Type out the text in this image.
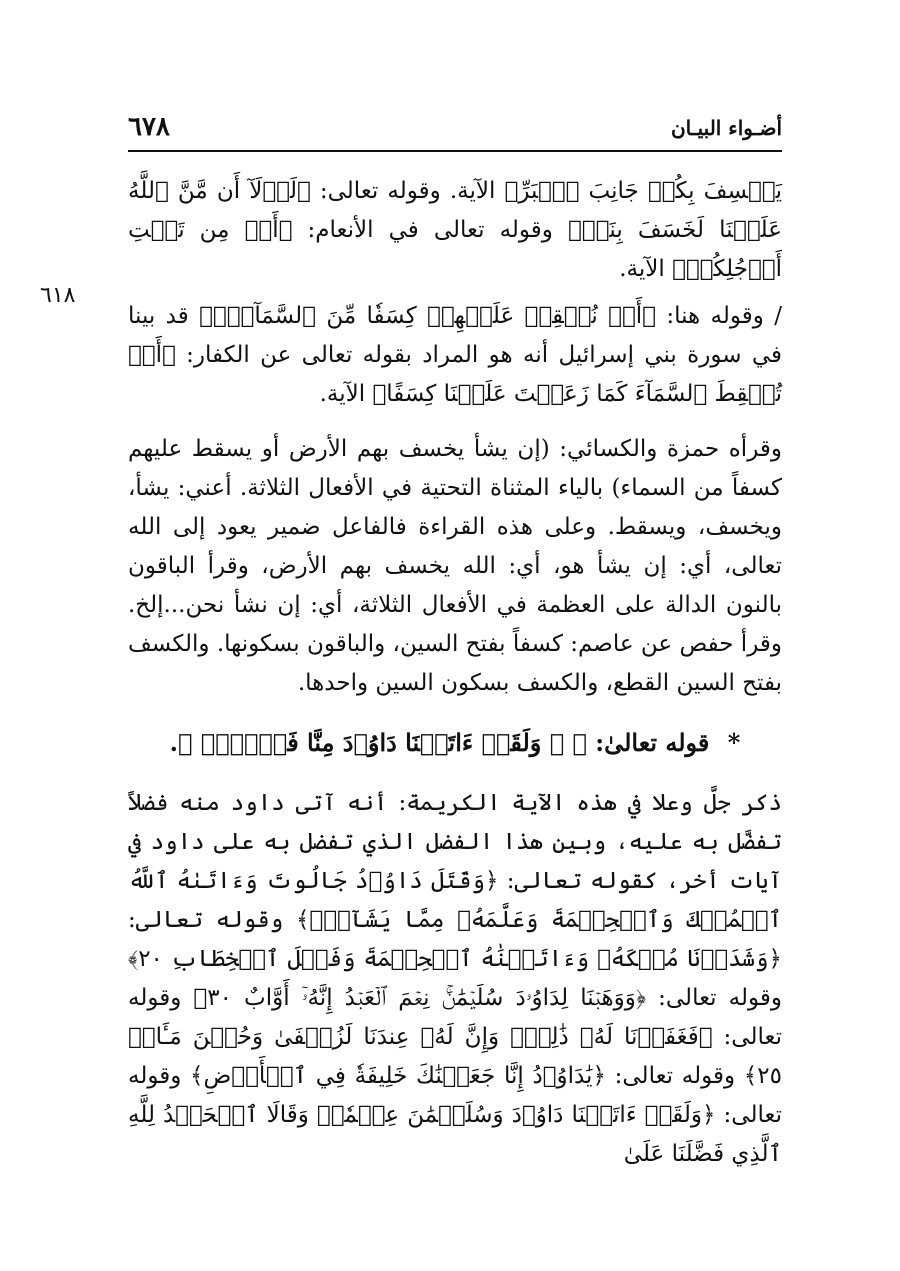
٦٧٨	أضـواء البيـان
٦١٨

يَخۡسِفَ بِكُمۡ جَانِبَ ٱلۡبَرِّ﴾ الآية. وقوله تعالى: ﴿لَوۡلَآ أَن مَّنَّ ٱللَّهُ عَلَيۡنَا لَخَسَفَ بِنَاۖ﴾ وقوله تعالى في الأنعام: ﴿أَوۡ مِن تَحۡتِ أَرۡجُلِكُمۡ﴾ الآية.

/ وقوله هنا: ﴿أَوۡ نُسۡقِطۡ عَلَيۡهِمۡ كِسَفٗا مِّنَ ٱلسَّمَآءِۚ﴾ قد بينا في سورة بني إسرائيل أنه هو المراد بقوله تعالى عن الكفار: ﴿أَوۡ تُسۡقِطَ ٱلسَّمَآءَ كَمَا زَعَمۡتَ عَلَيۡنَا كِسَفًا﴾ الآية.

وقرأه حمزة والكسائي: (إن يشأ يخسف بهم الأرض أو يسقط عليهم كسفاً من السماء) بالياء المثناة التحتية في الأفعال الثلاثة. أعني: يشأ، ويخسف، ويسقط. وعلى هذه القراءة فالفاعل ضمير يعود إلى الله تعالى، أي: إن يشأ هو، أي: الله يخسف بهم الأرض، وقرأ الباقون بالنون الدالة على العظمة في الأفعال الثلاثة، أي: إن نشأ نحن...إلخ. وقرأ حفص عن عاصم: كسفاً بفتح السين، والباقون بسكونها. والكسف بفتح السين القطع، والكسف بسكون السين واحدها.

* قوله تعالىٰ: ﴿ ۞ وَلَقَدۡ ءَاتَيۡنَا دَاوُۥدَ مِنَّا فَضۡلٗاۖ ﴾.

ذكر جلَّ وعلا في هذه الآية الكريمة: أنه آتى داود منه فضلاً تفضَّل به عليه، وبين هذا الفضل الذي تفضل به على داود في آيات أخر، كقوله تعالى: ﴿وَقَتَلَ دَاوُۥدُ جَالُوتَ وَءَاتَىٰهُ ٱللَّهُ ٱلۡمُلۡكَ وَٱلۡحِكۡمَةَ وَعَلَّمَهُۥ مِمَّا يَشَآءُۗ﴾ وقوله تعالى: ﴿وَشَدَدۡنَا مُلۡكَهُۥ وَءَاتَيۡنَٰهُ ٱلۡحِكۡمَةَ وَفَصۡلَ ٱلۡخِطَابِ ٢٠﴾ وقوله تعالى: ﴿وَوَهَبۡنَا لِدَاوُۥدَ سُلَيۡمَٰنَۚ نِعۡمَ ٱلۡعَبۡدُ إِنَّهُۥٓ أَوَّابٌ ٣٠﴾ وقوله تعالى: ﴿فَغَفَرۡنَا لَهُۥ ذَٰلِكَۖ وَإِنَّ لَهُۥ عِندَنَا لَزُلۡفَىٰ وَحُسۡنَ مَـَٔابٖ ٢٥﴾ وقوله تعالى: ﴿يَٰدَاوُۥدُ إِنَّا جَعَلۡنَٰكَ خَلِيفَةٗ فِي ٱلۡأَرۡضِ﴾ وقوله تعالى: ﴿وَلَقَدۡ ءَاتَيۡنَا دَاوُۥدَ وَسُلَيۡمَٰنَ عِلۡمٗاۖ وَقَالَا ٱلۡحَمۡدُ لِلَّهِ ٱلَّذِي فَضَّلَنَا عَلَىٰ
